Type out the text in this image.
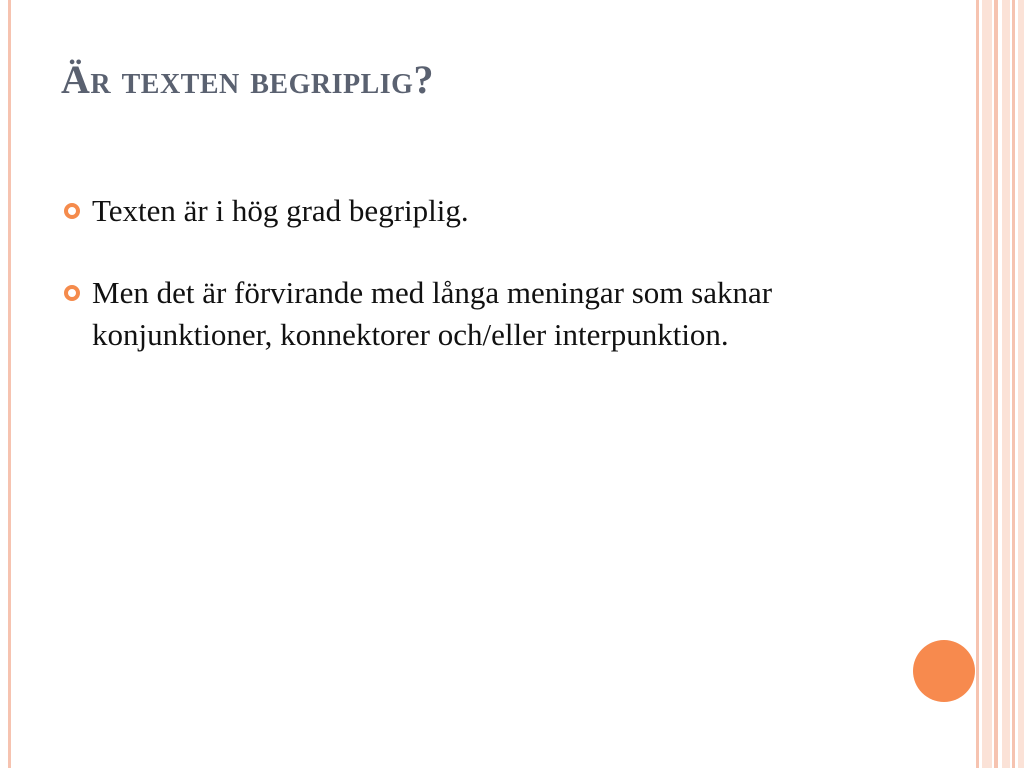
Är texten begriplig?
Texten är i hög grad begriplig.
Men det är förvirande med långa meningar som saknar konjunktioner, konnektorer och/eller interpunktion.
